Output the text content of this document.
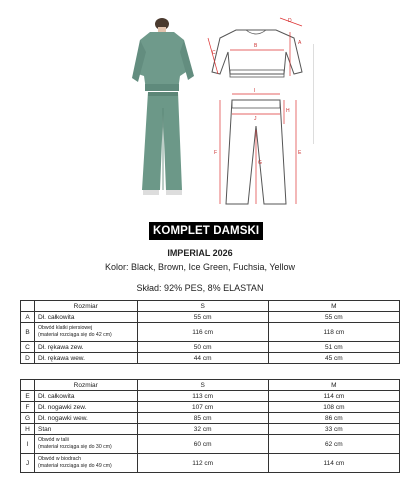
A
B
C
D
E
F
G
H
I
J
KOMPLET DAMSKI
IMPERIAL 2026
Kolor: Black, Brown, Ice Green, Fuchsia, Yellow
Skład: 92% PES, 8% ELASTAN
	Rozmiar	S	M
A	Dł. całkowita	55 cm	55 cm
B	Obwód klatki piersiowej
(materiał rozciąga się do 42 cm)	116 cm	118 cm
C	Dł. rękawa zew.	50 cm	51 cm
D	Dł. rękawa wew.	44 cm	45 cm
	Rozmiar	S	M
E	Dł. całkowita	113 cm	114 cm
F	Dł. nogawki zew.	107 cm	108 cm
G	Dł. nogawki wew.	85 cm	86 cm
H	Stan	32 cm	33 cm
I	Obwód w talii
(materiał rozciąga się do 30 cm)	60 cm	62 cm
J	Obwód w biodrach
(materiał rozciąga się do 49 cm)	112 cm	114 cm
